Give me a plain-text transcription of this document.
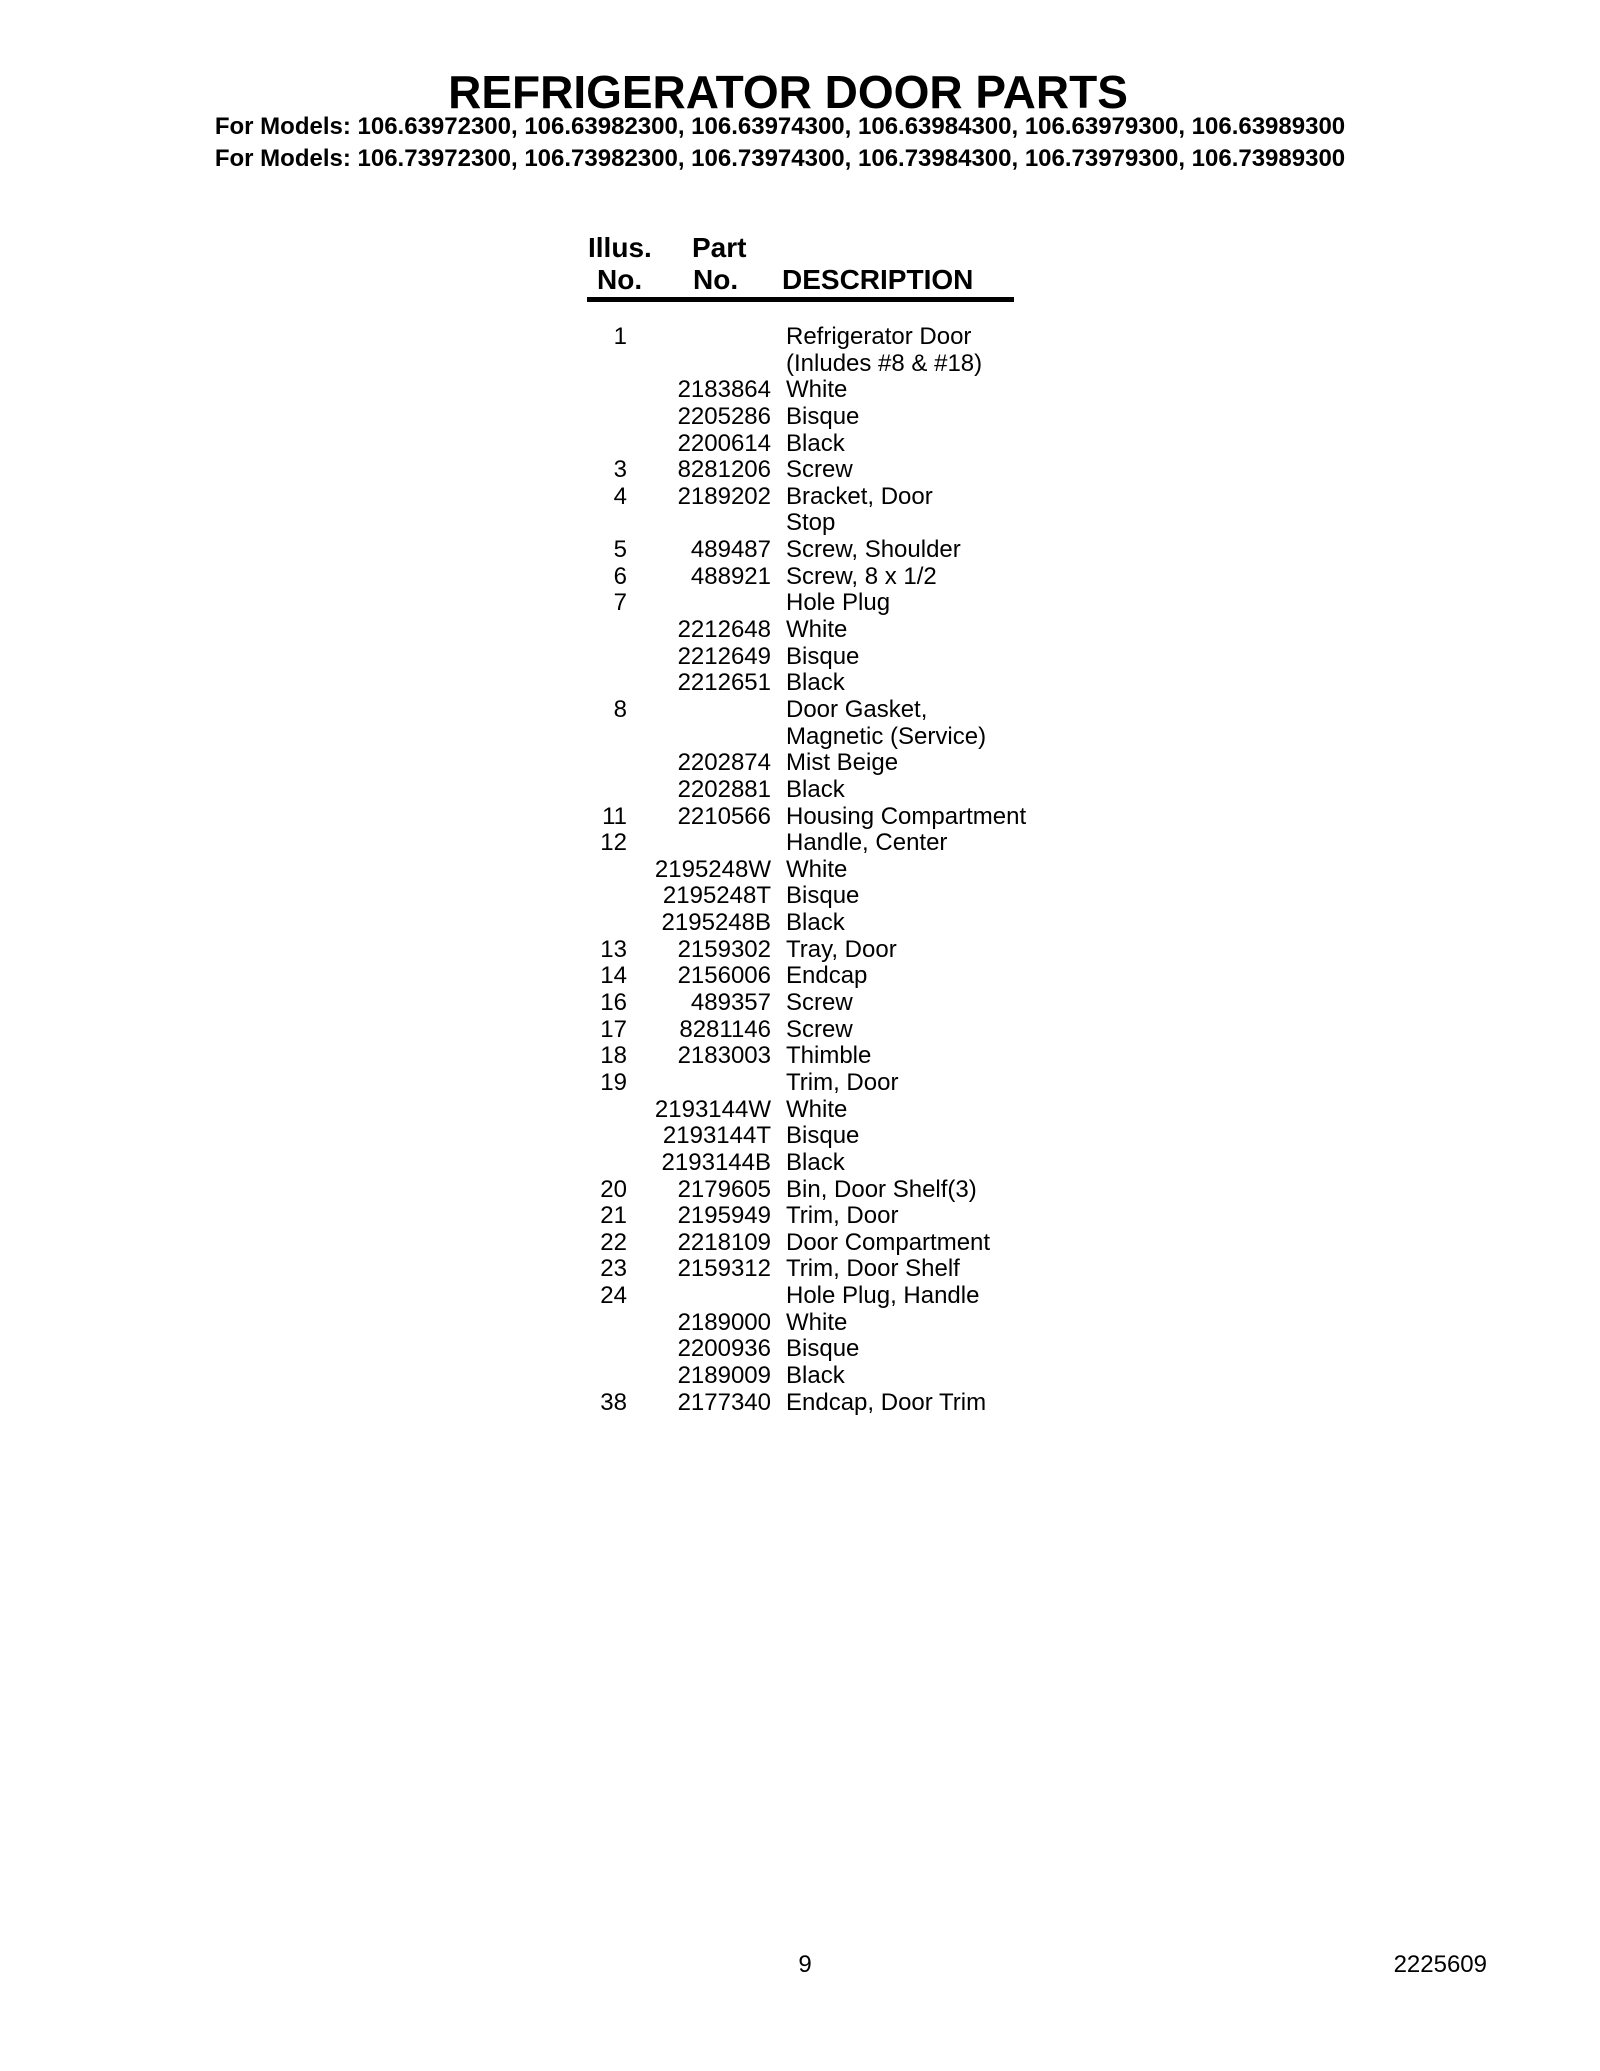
REFRIGERATOR DOOR PARTS
For Models: 106.63972300, 106.63982300, 106.63974300, 106.63984300, 106.63979300, 106.63989300
For Models: 106.73972300, 106.73982300, 106.73974300, 106.73984300, 106.73979300, 106.73989300
Illus. Part
No. No. DESCRIPTION
1	Refrigerator Door
(Inludes #8 & #18)
2183864 White
2205286 Bisque
2200614 Black
3	8281206 Screw
4	2189202 Bracket, Door
Stop
5	489487 Screw, Shoulder
6	488921 Screw, 8 x 1/2
7	Hole Plug
2212648 White
2212649 Bisque
2212651 Black
8	Door Gasket,
Magnetic (Service)
2202874 Mist Beige
2202881 Black
11	2210566 Housing Compartment
12	Handle, Center
2195248W White
2195248T Bisque
2195248B Black
13	2159302 Tray, Door
14	2156006 Endcap
16	489357 Screw
17	8281146 Screw
18	2183003 Thimble
19	Trim, Door
2193144W White
2193144T Bisque
2193144B Black
20	2179605 Bin, Door Shelf(3)
21	2195949 Trim, Door
22	2218109 Door Compartment
23	2159312 Trim, Door Shelf
24	Hole Plug, Handle
2189000 White
2200936 Bisque
2189009 Black
38	2177340 Endcap, Door Trim
9	2225609
